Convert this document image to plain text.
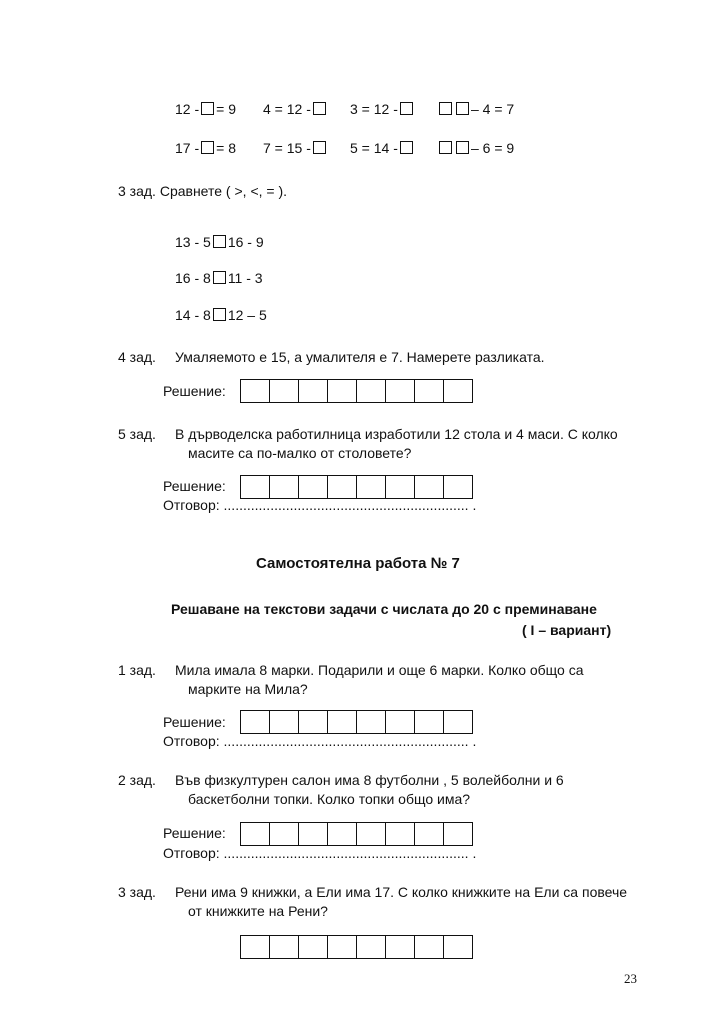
12 - = 9 4 = 12 -	3 = 12 -	– 4 = 7
17 - = 8 7 = 15 -	5 = 14 -	– 6 = 9
3 зад. Сравнете ( >, <, = ).
13 - 5 16 - 9
16 - 8 11 - 3
14 - 8 12 – 5
4 зад. Умаляемото е 15, а умалителя е 7. Намерете разликата.
Решение:
5 зад. В дърводелска работилница изработили 12 стола и 4 маси. С колко
масите са по-малко от столовете?
Решение:
Отговор: ............................................................... .
Самостоятелна работа № 7
Решаване на текстови задачи с числата до 20 с преминаване
( I – вариант)
1 зад. Мила имала 8 марки. Подарили и още 6 марки. Колко общо са
марките на Мила?
Решение:
Отговор: ............................................................... .
2 зад. Във физкултурен салон има 8 футболни , 5 волейболни и 6
баскетболни топки. Колко топки общо има?
Решение:
Отговор: ............................................................... .
3 зад. Рени има 9 книжки, а Ели има 17. С колко книжките на Ели са повече
от книжките на Рени?
23
